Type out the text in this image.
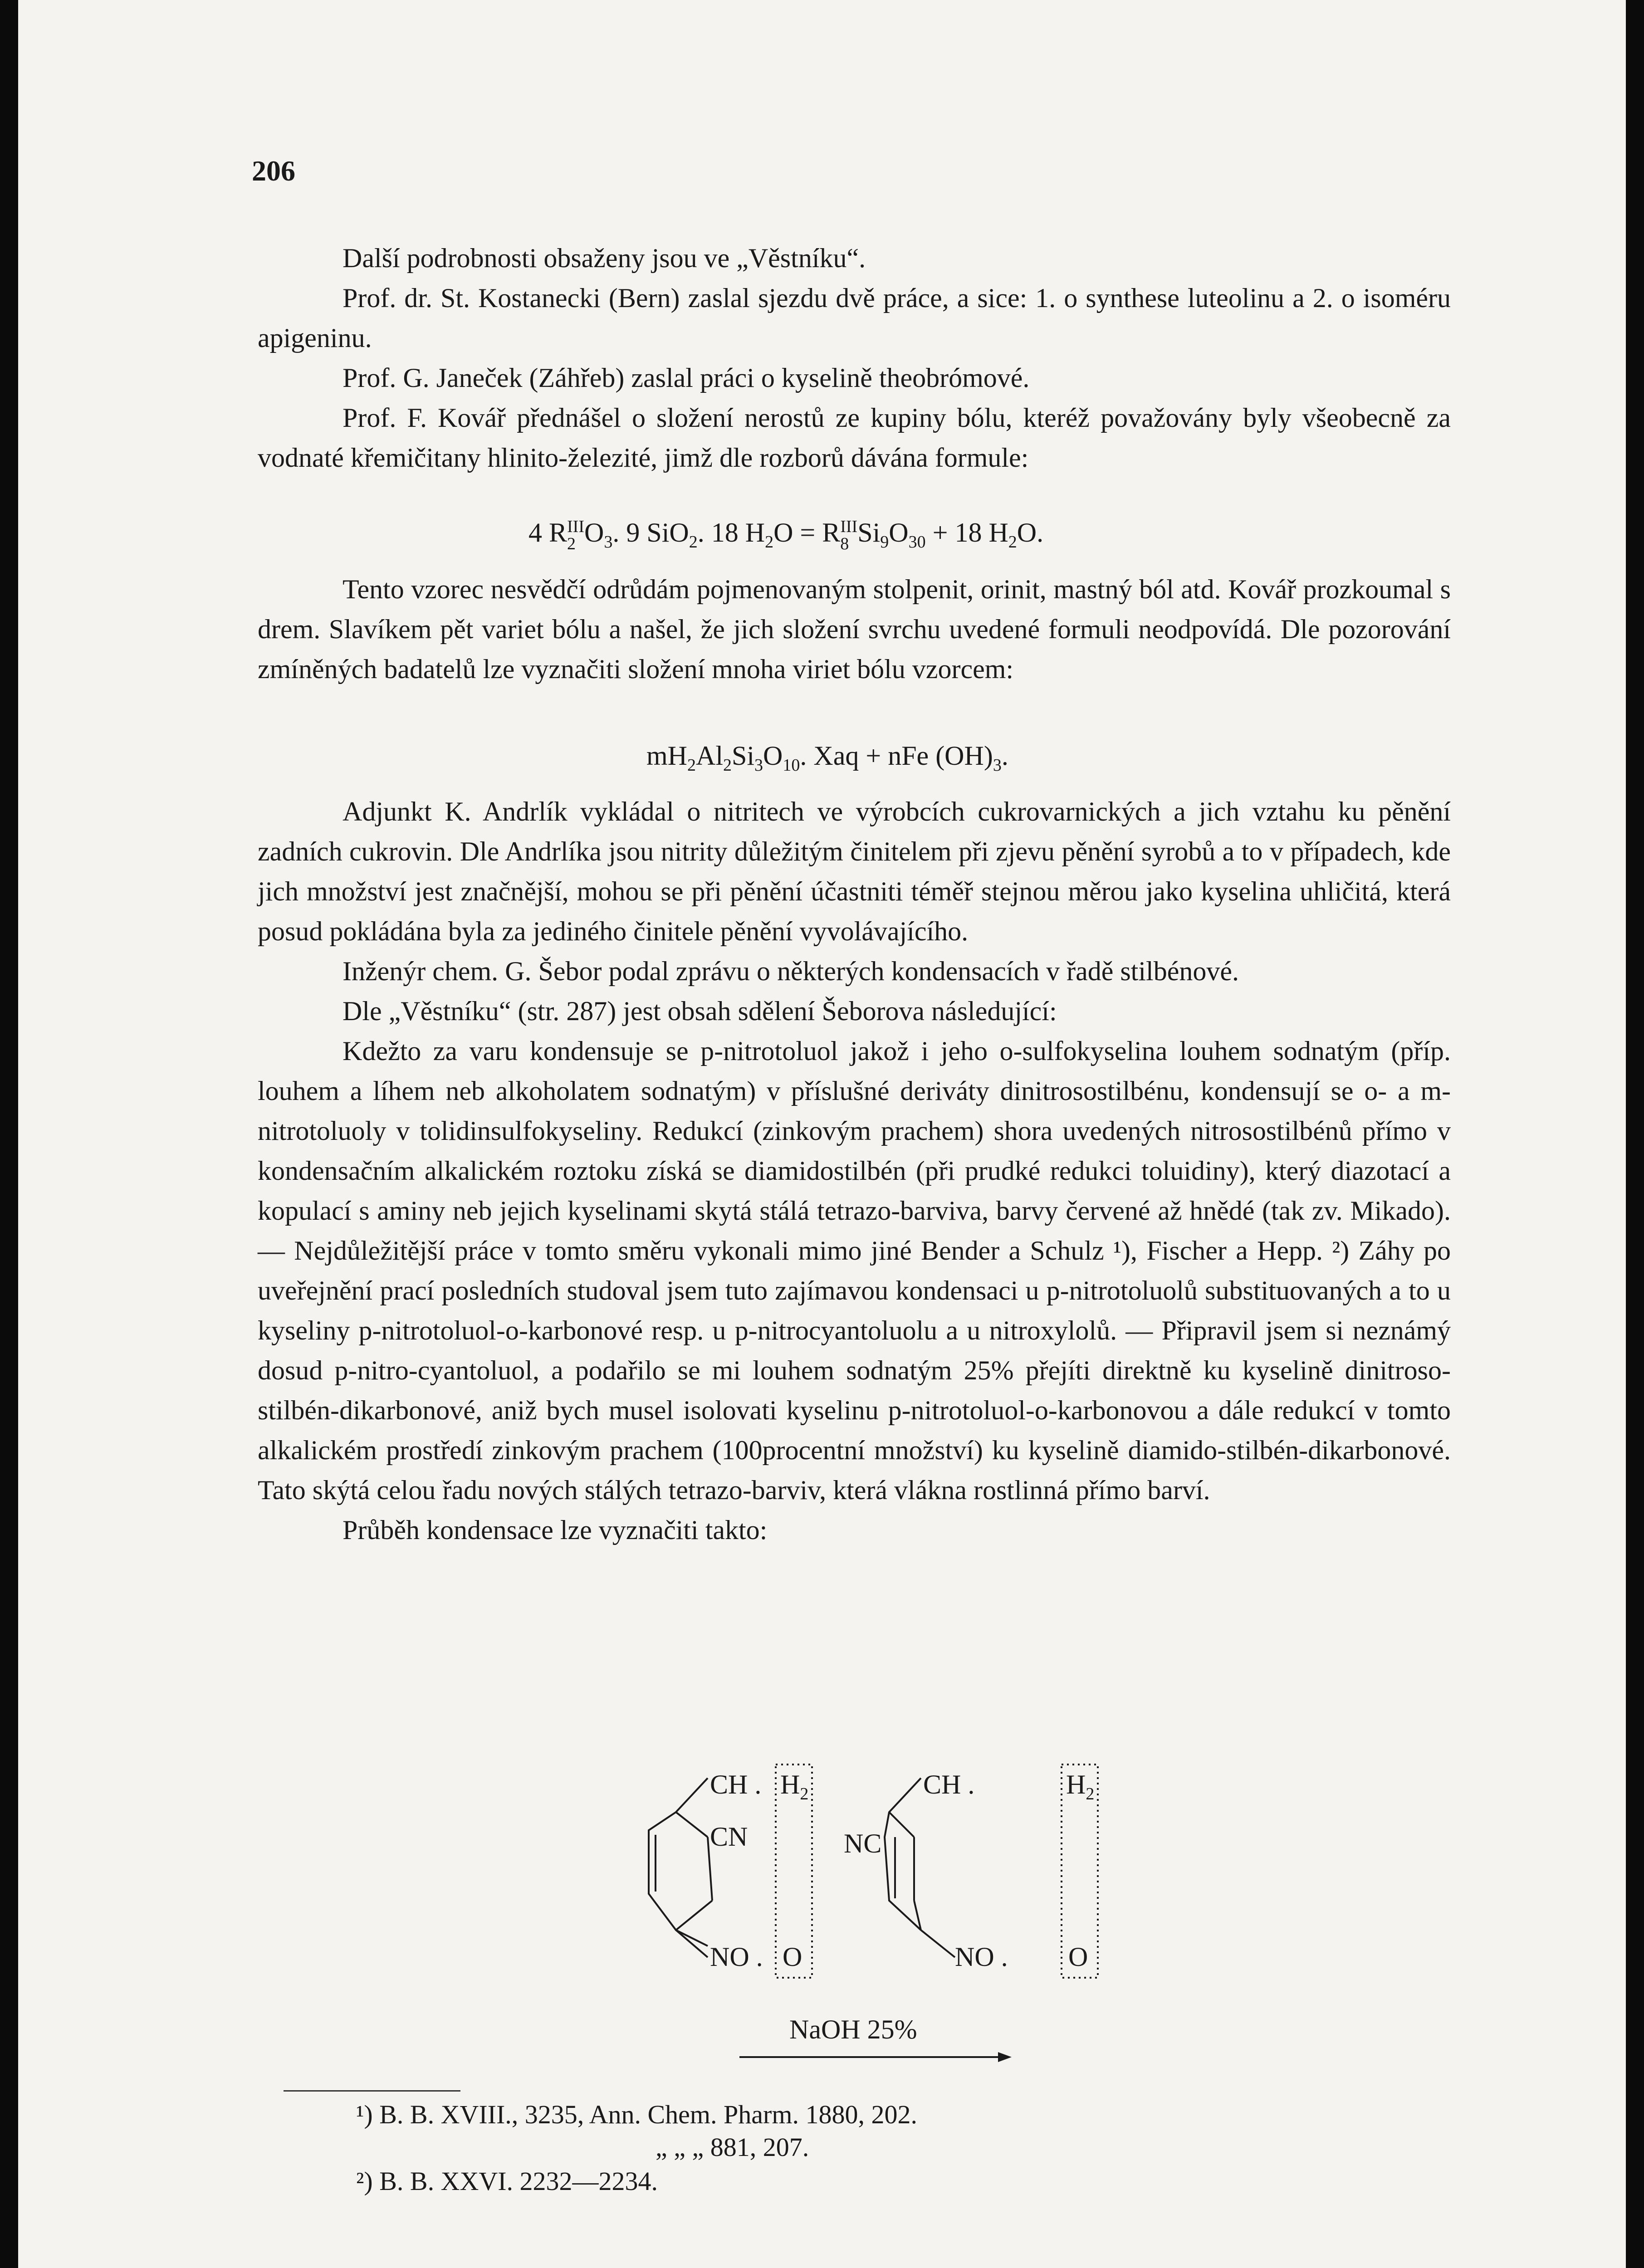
206

Další podrobnosti obsaženy jsou ve „Věstníku“.

Prof. dr. St. Kostanecki (Bern) zaslal sjezdu dvě práce, a sice: 1. o synthese luteolinu a 2. o isoméru apigeninu.

Prof. G. Janeček (Záhřeb) zaslal práci o kyselině theobrómové.

Prof. F. Kovář přednášel o složení nerostů ze kupiny bólu, kteréž považovány byly všeobecně za vodnaté křemičitany hlinito-železité, jimž dle rozborů dávána formule:

4 R III
2 $O_3$. 9 SiO$_2$. 18 $H_2O = R$ III
8 $Si_9O_{30} + 18$ $H_2O$.

Tento vzorec nesvědčí odrůdám pojmenovaným stolpenit, orinit, mastný ból atd. Kovář prozkoumal s drem. Slavíkem pět variet bólu a našel, že jich složení svrchu uvedené formuli neodpovídá. Dle pozorování zmíněných badatelů lze vyznačiti složení mnoha viriet bólu vzorcem:

$mH_2Al_2Si_3O_{10}$. Xaq + nFe $(OH)_3$.

Adjunkt K. Andrlík vykládal o nitritech ve výrobcích cukrovarnických a jich vztahu ku pěnění zadních cukrovin. Dle Andrlíka jsou nitrity důležitým činitelem při zjevu pěnění syrobů a to v případech, kde jich množství jest značnější, mohou se při pěnění účastniti téměř stejnou měrou jako kyselina uhličitá, která posud pokládána byla za jediného činitele pěnění vyvolávajícího.

Inženýr chem. G. Šebor podal zprávu o některých kondensacích v řadě stilbénové.

Dle „Věstníku“ (str. 287) jest obsah sdělení Šeborova následující:

Kdežto za varu kondensuje se p-nitrotoluol jakož i jeho o-sulfokyselina louhem sodnatým (příp. louhem a líhem neb alkoholatem sodnatým) v příslušné deriváty dinitrosostilbénu, kondensují se o- a m-nitrotoluoly v tolidinsulfokyseliny. Redukcí (zinkovým prachem) shora uvedených nitrosostilbénů přímo v kondensačním alkalickém roztoku získá se diamidostilbén (při prudké redukci toluidiny), který diazotací a kopulací s aminy neb jejich kyselinami skytá stálá tetrazo-barviva, barvy červené až hnědé (tak zv. Mikado). — Nejdůležitější práce v tomto směru vykonali mimo jiné Bender a Schulz ¹), Fischer a Hepp. ²) Záhy po uveřejnění prací posledních studoval jsem tuto zajímavou kondensaci u p-nitrotoluolů substituovaných a to u kyseliny p-nitrotoluol-o-karbonové resp. u p-nitrocyantoluolu a u nitroxylolů. — Připravil jsem si neznámý dosud p-nitro-cyantoluol, a podařilo se mi louhem sodnatým 25% přejíti direktně ku kyselině dinitroso-stilbén-dikarbonové, aniž bych musel isolovati kyselinu p-nitrotoluol-o-karbonovou a dále redukcí v tomto alkalickém prostředí zinkovým prachem (100procentní množství) ku kyselině diamido-stilbén-dikarbonové. Tato skýtá celou řadu nových stálých tetrazo-barviv, která vlákna rostlinná přímo barví.

Průběh kondensace lze vyznačiti takto:

CH . $H_2$
CN
NO . O
CH .	$H_2$
NC
NO . O
NaOH 25%
¹) B. B. XVIII., 3235, Ann. Chem. Pharm. 1880, 202.
„ „ „ 881, 207.
²) B. B. XXVI. 2232—2234.
